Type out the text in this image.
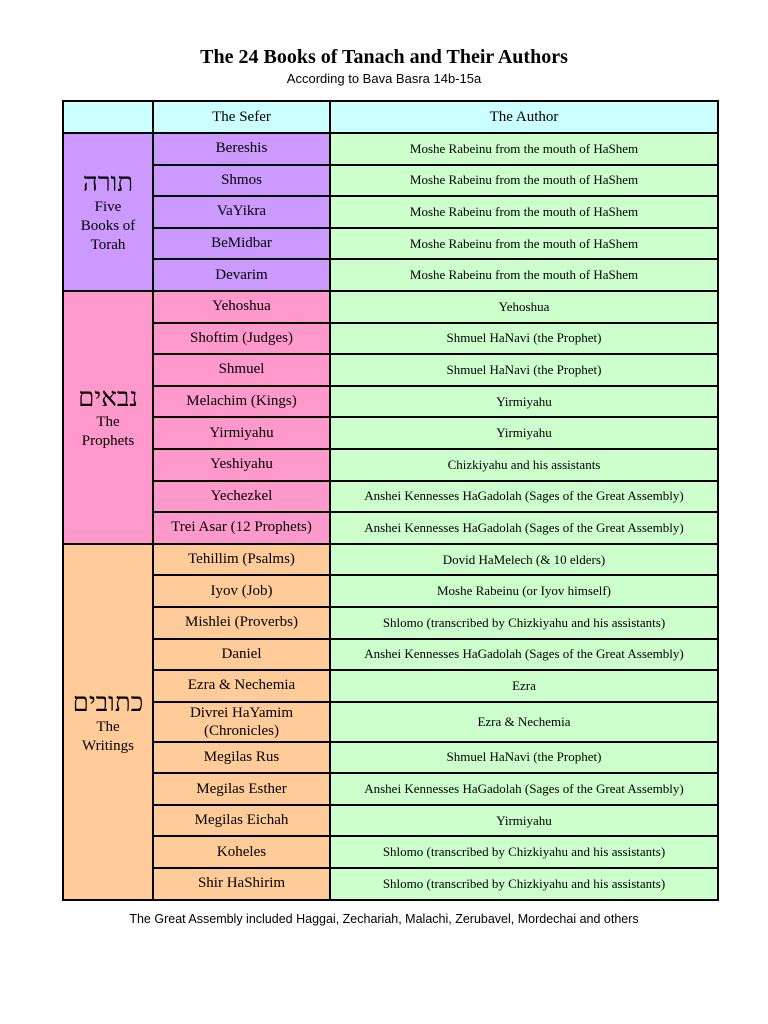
The 24 Books of Tanach and Their Authors
According to Bava Basra 14b-15a
	The Sefer	The Author

תורה
Five
Books of
Torah	Bereshis	Moshe Rabeinu from the mouth of HaShem
	Shmos	Moshe Rabeinu from the mouth of HaShem
	VaYikra	Moshe Rabeinu from the mouth of HaShem
	BeMidbar	Moshe Rabeinu from the mouth of HaShem
	Devarim	Moshe Rabeinu from the mouth of HaShem

נבאים
The
Prophets	Yehoshua	Yehoshua
	Shoftim (Judges)	Shmuel HaNavi (the Prophet)
	Shmuel	Shmuel HaNavi (the Prophet)
	Melachim (Kings)	Yirmiyahu
	Yirmiyahu	Yirmiyahu
	Yeshiyahu	Chizkiyahu and his assistants
	Yechezkel	Anshei Kennesses HaGadolah (Sages of the Great Assembly)
	Trei Asar (12 Prophets)	Anshei Kennesses HaGadolah (Sages of the Great Assembly)

כתובים
The
Writings	Tehillim (Psalms)	Dovid HaMelech (& 10 elders)
	Iyov (Job)	Moshe Rabeinu (or Iyov himself)
	Mishlei (Proverbs)	Shlomo (transcribed by Chizkiyahu and his assistants)
	Daniel	Anshei Kennesses HaGadolah (Sages of the Great Assembly)
	Ezra & Nechemia	Ezra

	Divrei HaYamim
(Chronicles)	Ezra & Nechemia
	Megilas Rus	Shmuel HaNavi (the Prophet)
	Megilas Esther	Anshei Kennesses HaGadolah (Sages of the Great Assembly)
	Megilas Eichah	Yirmiyahu
	Koheles	Shlomo (transcribed by Chizkiyahu and his assistants)
	Shir HaShirim	Shlomo (transcribed by Chizkiyahu and his assistants)
The Great Assembly included Haggai, Zechariah, Malachi, Zerubavel, Mordechai and others
